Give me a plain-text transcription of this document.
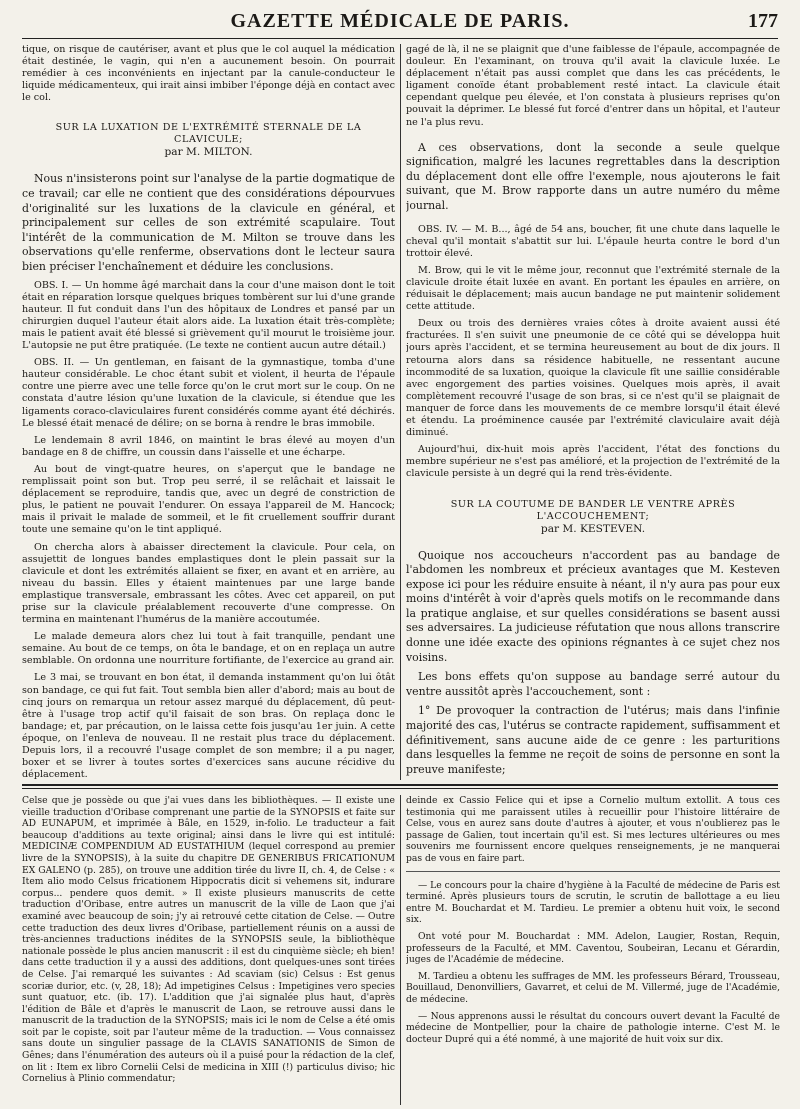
GAZETTE MÉDICALE DE PARIS.	177

tique, on risque de cautériser, avant et plus que le col auquel la médication était destinée, le vagin, qui n'en a aucunement besoin. On pourrait remédier à ces inconvénients en injectant par la canule-conducteur le liquide médicamenteux, qui irait ainsi imbiber l'éponge déjà en contact avec le col.

SUR LA LUXATION DE L'EXTRÉMITÉ STERNALE DE LA CLAVICULE;
par M. MILTON.

Nous n'insisterons point sur l'analyse de la partie dogmatique de ce travail; car elle ne contient que des considérations dépourvues d'originalité sur les luxations de la clavicule en général, et principalement sur celles de son extrémité scapulaire. Tout l'intérêt de la communication de M. Milton se trouve dans les observations qu'elle renferme, observations dont le lecteur saura bien préciser l'enchaînement et déduire les conclusions.

OBS. I. — Un homme âgé marchait dans la cour d'une maison dont le toit était en réparation lorsque quelques briques tombèrent sur lui d'une grande hauteur. Il fut conduit dans l'un des hôpitaux de Londres et pansé par un chirurgien duquel l'auteur était alors aide. La luxation était très-complète; mais le patient avait été blessé si grièvement qu'il mourut le troisième jour. L'autopsie ne put être pratiquée. (Le texte ne contient aucun autre détail.)

OBS. II. — Un gentleman, en faisant de la gymnastique, tomba d'une hauteur considérable. Le choc étant subit et violent, il heurta de l'épaule contre une pierre avec une telle force qu'on le crut mort sur le coup. On ne constata d'autre lésion qu'une luxation de la clavicule, si étendue que les ligaments coraco-claviculaires furent considérés comme ayant été déchirés. Le blessé était menacé de délire; on se borna à rendre le bras immobile.

Le lendemain 8 avril 1846, on maintint le bras élevé au moyen d'un bandage en 8 de chiffre, un coussin dans l'aisselle et une écharpe.

Au bout de vingt-quatre heures, on s'aperçut que le bandage ne remplissait point son but. Trop peu serré, il se relâchait et laissait le déplacement se reproduire, tandis que, avec un degré de constriction de plus, le patient ne pouvait l'endurer. On essaya l'appareil de M. Hancock; mais il privait le malade de sommeil, et le fit cruellement souffrir durant toute une semaine qu'on le tint appliqué.

On chercha alors à abaisser directement la clavicule. Pour cela, on assujettit de longues bandes emplastiques dont le plein passait sur la clavicule et dont les extrémités allaient se fixer, en avant et en arrière, au niveau du bassin. Elles y étaient maintenues par une large bande emplastique transversale, embrassant les côtes. Avec cet appareil, on put prise sur la clavicule préalablement recouverte d'une compresse. On termina en maintenant l'humérus de la manière accoutumée.

Le malade demeura alors chez lui tout à fait tranquille, pendant une semaine. Au bout de ce temps, on ôta le bandage, et on en replaça un autre semblable. On ordonna une nourriture fortifiante, de l'exercice au grand air.

Le 3 mai, se trouvant en bon état, il demanda instamment qu'on lui ôtât son bandage, ce qui fut fait. Tout sembla bien aller d'abord; mais au bout de cinq jours on remarqua un retour assez marqué du déplacement, dû peut-être à l'usage trop actif qu'il faisait de son bras. On replaça donc le bandage; et, par précaution, on le laissa cette fois jusqu'au 1er juin. A cette époque, on l'enleva de nouveau. Il ne restait plus trace du déplacement. Depuis lors, il a recouvré l'usage complet de son membre; il a pu nager, boxer et se livrer à toutes sortes d'exercices sans aucune récidive du déplacement.

gagé de là, il ne se plaignit que d'une faiblesse de l'épaule, accompagnée de douleur. En l'examinant, on trouva qu'il avait la clavicule luxée. Le déplacement n'était pas aussi complet que dans les cas précédents, le ligament conoïde étant probablement resté intact. La clavicule était cependant quelque peu élevée, et l'on constata à plusieurs reprises qu'on pouvait la déprimer. Le blessé fut forcé d'entrer dans un hôpital, et l'auteur ne l'a plus revu.

A ces observations, dont la seconde a seule quelque signification, malgré les lacunes regrettables dans la description du déplacement dont elle offre l'exemple, nous ajouterons le fait suivant, que M. Brow rapporte dans un autre numéro du même journal.

OBS. IV. — M. B..., âgé de 54 ans, boucher, fit une chute dans laquelle le cheval qu'il montait s'abattit sur lui. L'épaule heurta contre le bord d'un trottoir élevé.

M. Brow, qui le vit le même jour, reconnut que l'extrémité sternale de la clavicule droite était luxée en avant. En portant les épaules en arrière, on réduisait le déplacement; mais aucun bandage ne put maintenir solidement cette attitude.

Deux ou trois des dernières vraies côtes à droite avaient aussi été fracturées. Il s'en suivit une pneumonie de ce côté qui se développa huit jours après l'accident, et se termina heureusement au bout de dix jours. Il retourna alors dans sa résidence habituelle, ne ressentant aucune incommodité de sa luxation, quoique la clavicule fît une saillie considérable avec engorgement des parties voisines. Quelques mois après, il avait complètement recouvré l'usage de son bras, si ce n'est qu'il se plaignait de manquer de force dans les mouvements de ce membre lorsqu'il était élevé et étendu. La proéminence causée par l'extrémité claviculaire avait déjà diminué.

Aujourd'hui, dix-huit mois après l'accident, l'état des fonctions du membre supérieur ne s'est pas amélioré, et la projection de l'extrémité de la clavicule persiste à un degré qui la rend très-évidente.

SUR LA COUTUME DE BANDER LE VENTRE APRÈS L'ACCOUCHEMENT;
par M. KESTEVEN.

Quoique nos accoucheurs n'accordent pas au bandage de l'abdomen les nombreux et précieux avantages que M. Kesteven expose ici pour les réduire ensuite à néant, il n'y aura pas pour eux moins d'intérêt à voir d'après quels motifs on le recommande dans la pratique anglaise, et sur quelles considérations se basent aussi ses adversaires. La judicieuse réfutation que nous allons transcrire donne une idée exacte des opinions régnantes à ce sujet chez nos voisins.

Les bons effets qu'on suppose au bandage serré autour du ventre aussitôt après l'accouchement, sont :

1° De provoquer la contraction de l'utérus; mais dans l'infinie majorité des cas, l'utérus se contracte rapidement, suffisamment et définitivement, sans aucune aide de ce genre : les parturitions dans lesquelles la femme ne reçoit de soins de personne en sont la preuve manifeste;

Celse que je possède ou que j'ai vues dans les bibliothèques. — Il existe une vieille traduction d'Oribase comprenant une partie de la SYNOPSIS et faite sur AD EUNAPUM, et imprimée à Bâle, en 1529, in-folio. Le traducteur a fait beaucoup d'additions au texte original; ainsi dans le livre qui est intitulé: MEDICINÆ COMPENDIUM AD EUSTATHIUM (lequel correspond au premier livre de la SYNOPSIS), à la suite du chapitre DE GENERIBUS FRICATIONUM EX GALENO (p. 285), on trouve une addition tirée du livre II, ch. 4, de Celse : « Item alio modo Celsus fricationem Hippocratis dicit si vehemens sit, indurare corpus... pendere quos demit. » Il existe plusieurs manuscrits de cette traduction d'Oribase, entre autres un manuscrit de la ville de Laon que j'ai examiné avec beaucoup de soin; j'y ai retrouvé cette citation de Celse. — Outre cette traduction des deux livres d'Oribase, partiellement réunis on a aussi de très-anciennes traductions inédites de la SYNOPSIS seule, la bibliothèque nationale possède le plus ancien manuscrit : il est du cinquième siècle; eh bien! dans cette traduction il y a aussi des additions, dont quelques-unes sont tirées de Celse. J'ai remarqué les suivantes : Ad scaviam (sic) Celsus : Est genus scoriæ durior, etc. (v, 28, 18); Ad impetigines Celsus : Impetigines vero species sunt quatuor, etc. (ib. 17). L'addition que j'ai signalée plus haut, d'après l'édition de Bâle et d'après le manuscrit de Laon, se retrouve aussi dans le manuscrit de la traduction de la SYNOPSIS; mais ici le nom de Celse a été omis soit par le copiste, soit par l'auteur même de la traduction. — Vous connaissez sans doute un singulier passage de la CLAVIS SANATIONIS de Simon de Gênes; dans l'énumération des auteurs où il a puisé pour la rédaction de la clef, on lit : Item ex libro Cornelii Celsi de medicina in XIII (!) particulus diviso; hic Cornelius à Plinio commendatur;

deinde ex Cassio Felice qui et ipse a Cornelio multum extollit. A tous ces testimonia qui me paraissent utiles à recueillir pour l'histoire littéraire de Celse, vous en aurez sans doute d'autres à ajouter, et vous n'oublierez pas le passage de Galien, tout incertain qu'il est. Si mes lectures ultérieures ou mes souvenirs me fournissent encore quelques renseignements, je ne manquerai pas de vous en faire part.

— Le concours pour la chaire d'hygiène à la Faculté de médecine de Paris est terminé. Après plusieurs tours de scrutin, le scrutin de ballottage a eu lieu entre M. Bouchardat et M. Tardieu. Le premier a obtenu huit voix, le second six.

Ont voté pour M. Bouchardat : MM. Adelon, Laugier, Rostan, Requin, professeurs de la Faculté, et MM. Caventou, Soubeiran, Lecanu et Gérardin, juges de l'Académie de médecine.

M. Tardieu a obtenu les suffrages de MM. les professeurs Bérard, Trousseau, Bouillaud, Denonvilliers, Gavarret, et celui de M. Villermé, juge de l'Académie, de médecine.

— Nous apprenons aussi le résultat du concours ouvert devant la Faculté de médecine de Montpellier, pour la chaire de pathologie interne. C'est M. le docteur Dupré qui a été nommé, à une majorité de huit voix sur dix.
